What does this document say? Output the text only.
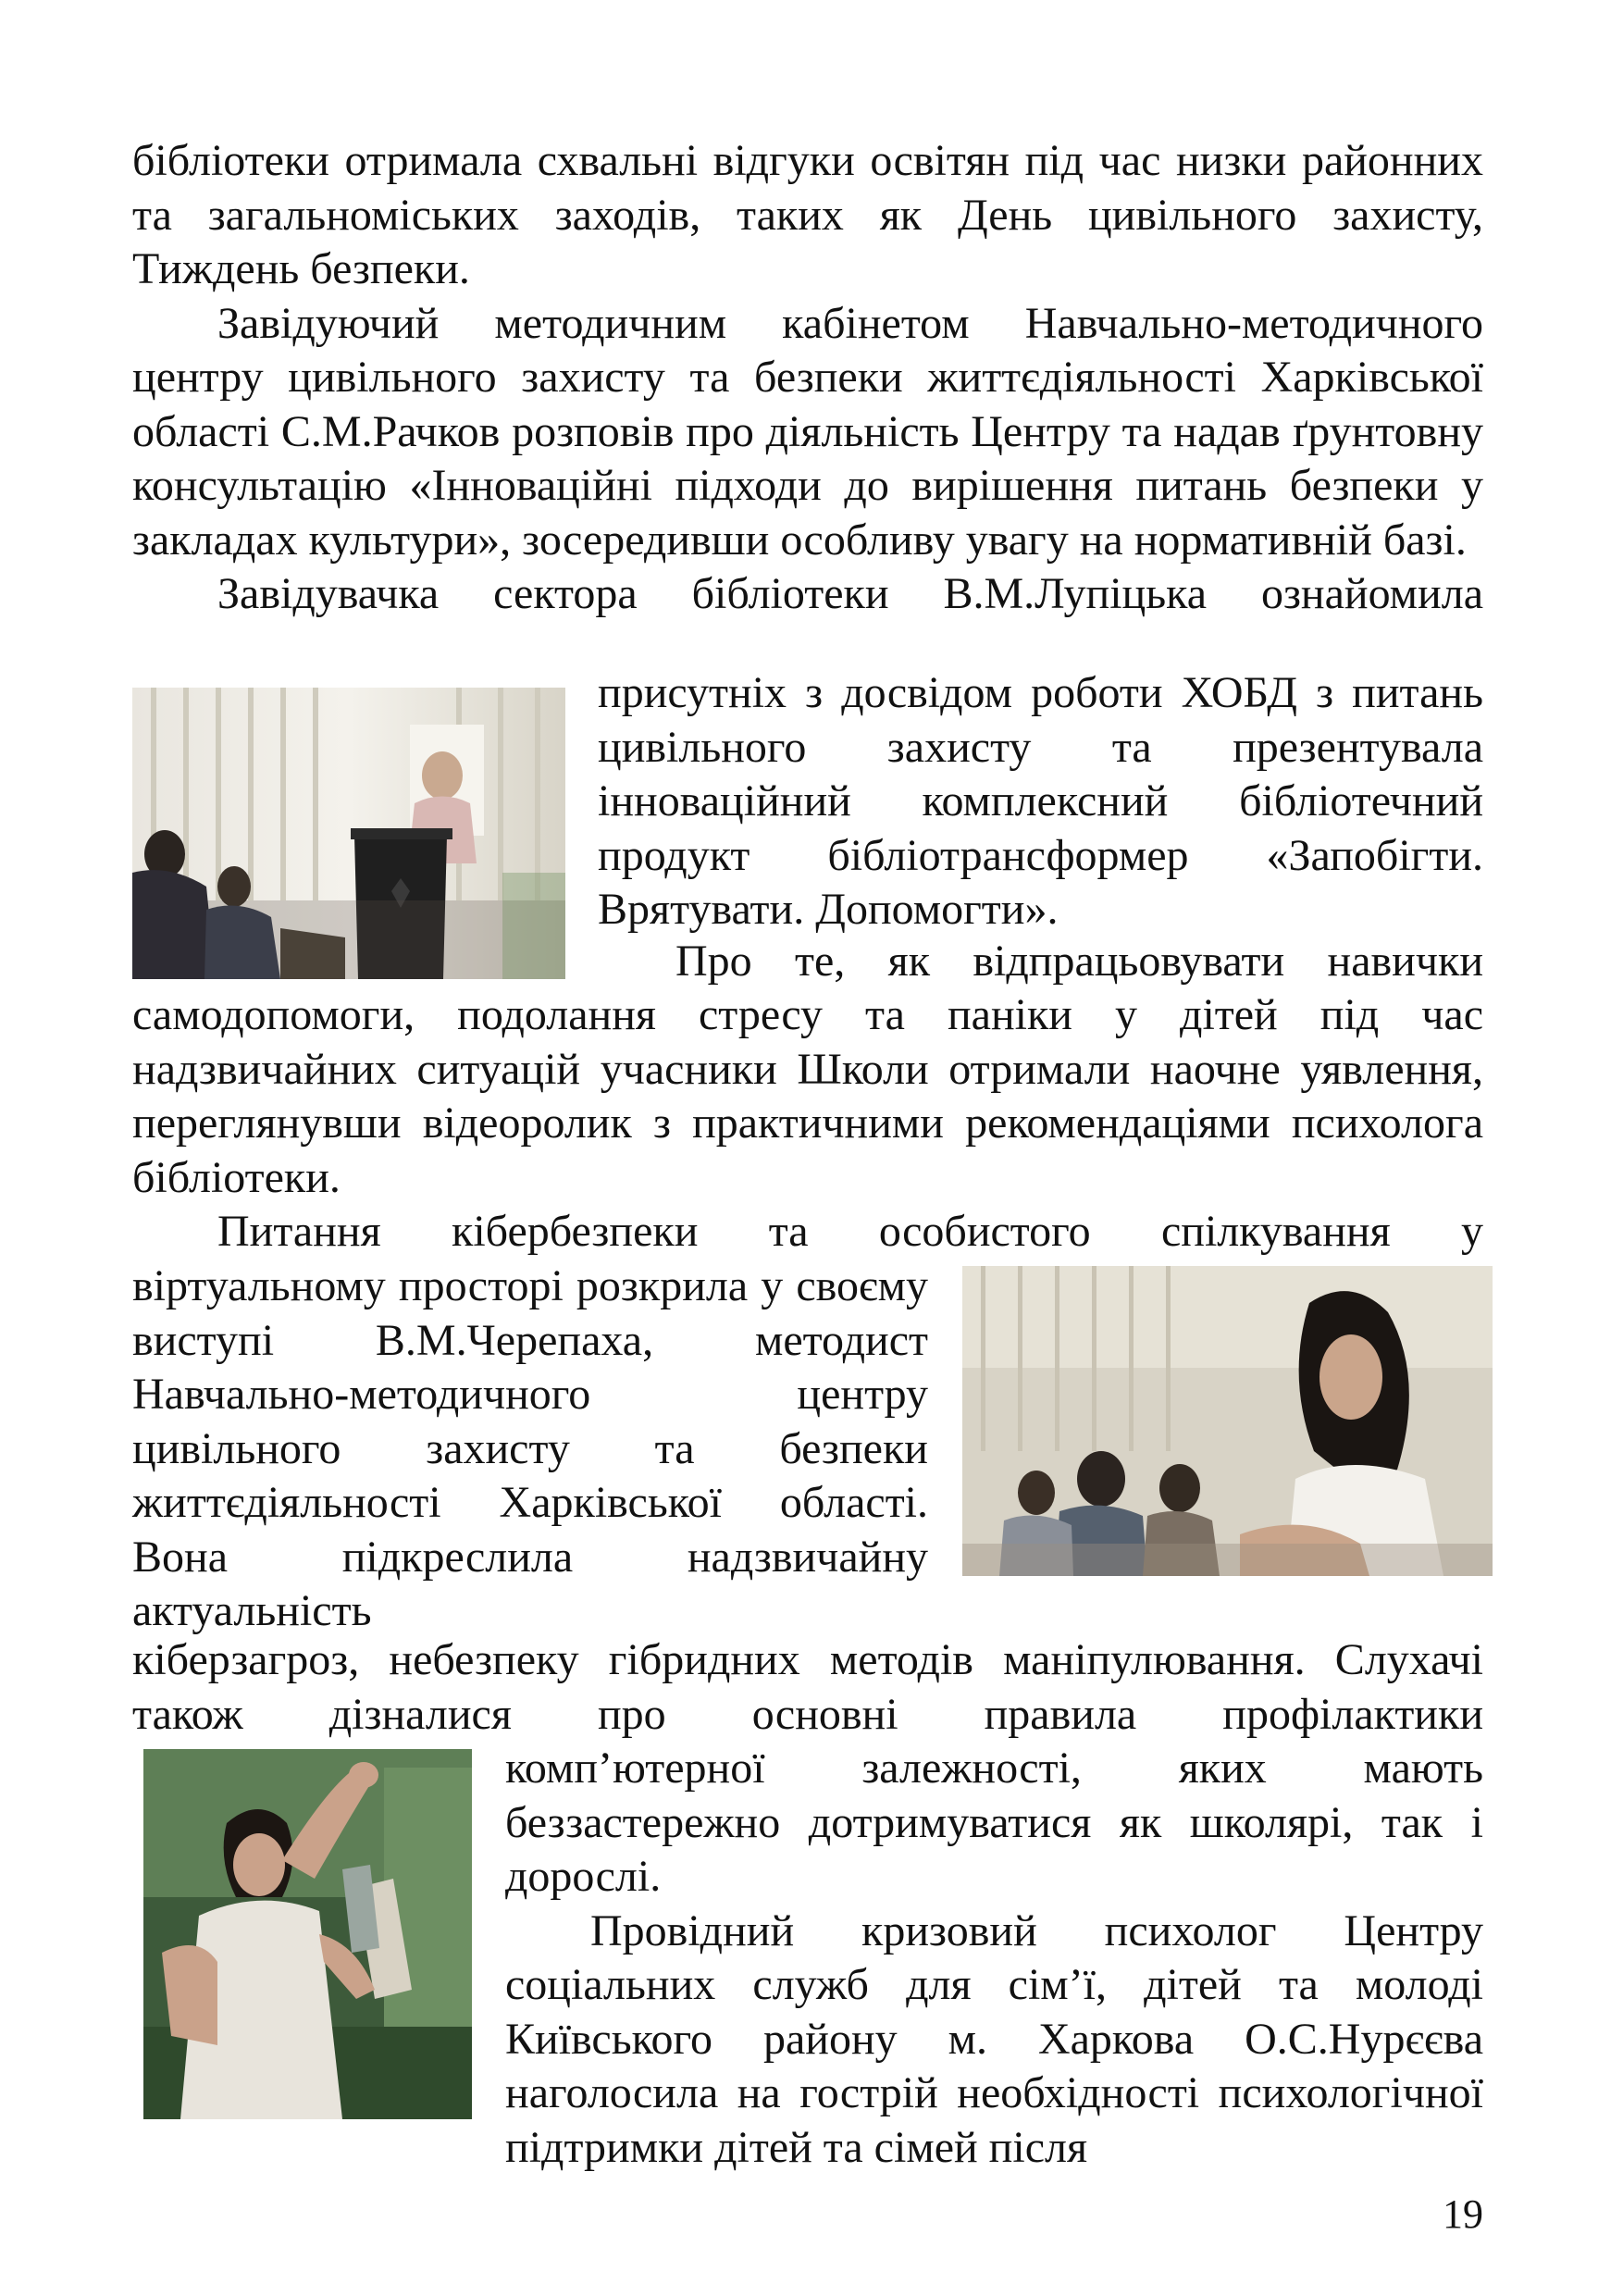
бібліотеки отримала схвальні відгуки освітян під час низки районних та загальноміських заходів, таких як День цивільного захисту, Тиждень безпеки.

Завідуючий методичним кабінетом Навчально-методичного центру цивільного захисту та безпеки життєдіяльності Харківської області С.М.Рачков розповів про діяльність Центру та надав ґрунтовну консультацію «Інноваційні підходи до вирішення питань безпеки у закладах культури», зосередивши особливу увагу на нормативній базі.

Завідувачка сектора бібліотеки В.М.Лупіцька ознайомила

присутніх з досвідом роботи ХОБД з питань цивільного захисту та презентувала інноваційний комплексний бібліотечний продукт бібліотрансформер «Запобігти. Врятувати. Допомогти».

Про те, як відпрацьовувати навички

самодопомоги, подолання стресу та паніки у дітей під час надзвичайних ситуацій учасники Школи отримали наочне уявлення, переглянувши відеоролик з практичними рекомендаціями психолога бібліотеки.

Питання кібербезпеки та особистого спілкування у

віртуальному просторі розкрила у своєму виступі В.М.Черепаха, методист Навчально-методичного центру цивільного захисту та безпеки життєдіяльності Харківської області. Вона підкреслила надзвичайну актуальність

кіберзагроз, небезпеку гібридних методів маніпулювання. Слухачі також дізналися про основні правила профілактики

комп’ютерної залежності, яких мають беззастережно дотримуватися як школярі, так і дорослі.

Провідний кризовий психолог Центру соціальних служб для сім’ї, дітей та молоді Київського району м. Харкова О.С.Нурєєва наголосила на гострій необхідності психологічної підтримки дітей та сімей після

19
